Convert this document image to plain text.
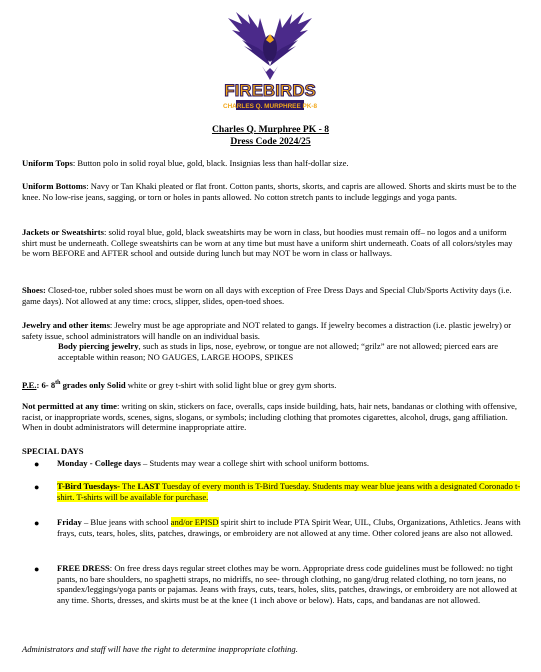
FIREBIRDS
CHARLES Q. MURPHREE PK-8
Charles Q. Murphree PK - 8
Dress Code 2024/25
Uniform Tops: Button polo in solid royal blue, gold, black. Insignias less than half-dollar size.
Uniform Bottoms: Navy or Tan Khaki pleated or flat front. Cotton pants, shorts, skorts, and capris are allowed. Shorts and skirts must be to the knee. No low-rise jeans, sagging, or torn or holes in pants allowed. No cotton stretch pants to include leggings and yoga pants.
Jackets or Sweatshirts: solid royal blue, gold, black sweatshirts may be worn in class, but hoodies must remain off– no logos and a uniform shirt must be underneath. College sweatshirts can be worn at any time but must have a uniform shirt underneath. Coats of all colors/styles may be worn BEFORE and AFTER school and outside during lunch but may NOT be worn in class or hallways.
Shoes: Closed-toe, rubber soled shoes must be worn on all days with exception of Free Dress Days and Special Club/Sports Activity days (i.e. game days). Not allowed at any time: crocs, slipper, slides, open-toed shoes.
Jewelry and other items: Jewelry must be age appropriate and NOT related to gangs. If jewelry becomes a distraction (i.e. plastic jewelry) or safety issue, school administrators will handle on an individual basis.
Body piercing jewelry, such as studs in lips, nose, eyebrow, or tongue are not allowed; “grilz” are not allowed; pierced ears are acceptable within reason; NO GAUGES, LARGE HOOPS, SPIKES
P.E.: 6- 8th grades only Solid white or grey t-shirt with solid light blue or grey gym shorts.
Not permitted at any time: writing on skin, stickers on face, overalls, caps inside building, hats, hair nets, bandanas or clothing with offensive, racist, or inappropriate words, scenes, signs, slogans, or symbols; including clothing that promotes cigarettes, alcohol, drugs, gang affiliation. When in doubt administrators will determine inappropriate attire.
SPECIAL DAYS
● Monday - College days – Students may wear a college shirt with school uniform bottoms.
● T-Bird Tuesdays- The LAST Tuesday of every month is T-Bird Tuesday. Students may wear blue jeans with a designated Coronado t-shirt. T-shirts will be available for purchase.
● Friday – Blue jeans with school and/or EPISD spirit shirt to include PTA Spirit Wear, UIL, Clubs, Organizations, Athletics. Jeans with frays, cuts, tears, holes, slits, patches, drawings, or embroidery are not allowed at any time. Other colored jeans are also not allowed.
● FREE DRESS: On free dress days regular street clothes may be worn. Appropriate dress code guidelines must be followed: no tight pants, no bare shoulders, no spaghetti straps, no midriffs, no see- through clothing, no gang/drug related clothing, no torn jeans, no spandex/leggings/yoga pants or pajamas. Jeans with frays, cuts, tears, holes, slits, patches, drawings, or embroidery are not allowed at any time. Shorts, dresses, and skirts must be at the knee (1 inch above or below). Hats, caps, and bandanas are not allowed.
Administrators and staff will have the right to determine inappropriate clothing.
